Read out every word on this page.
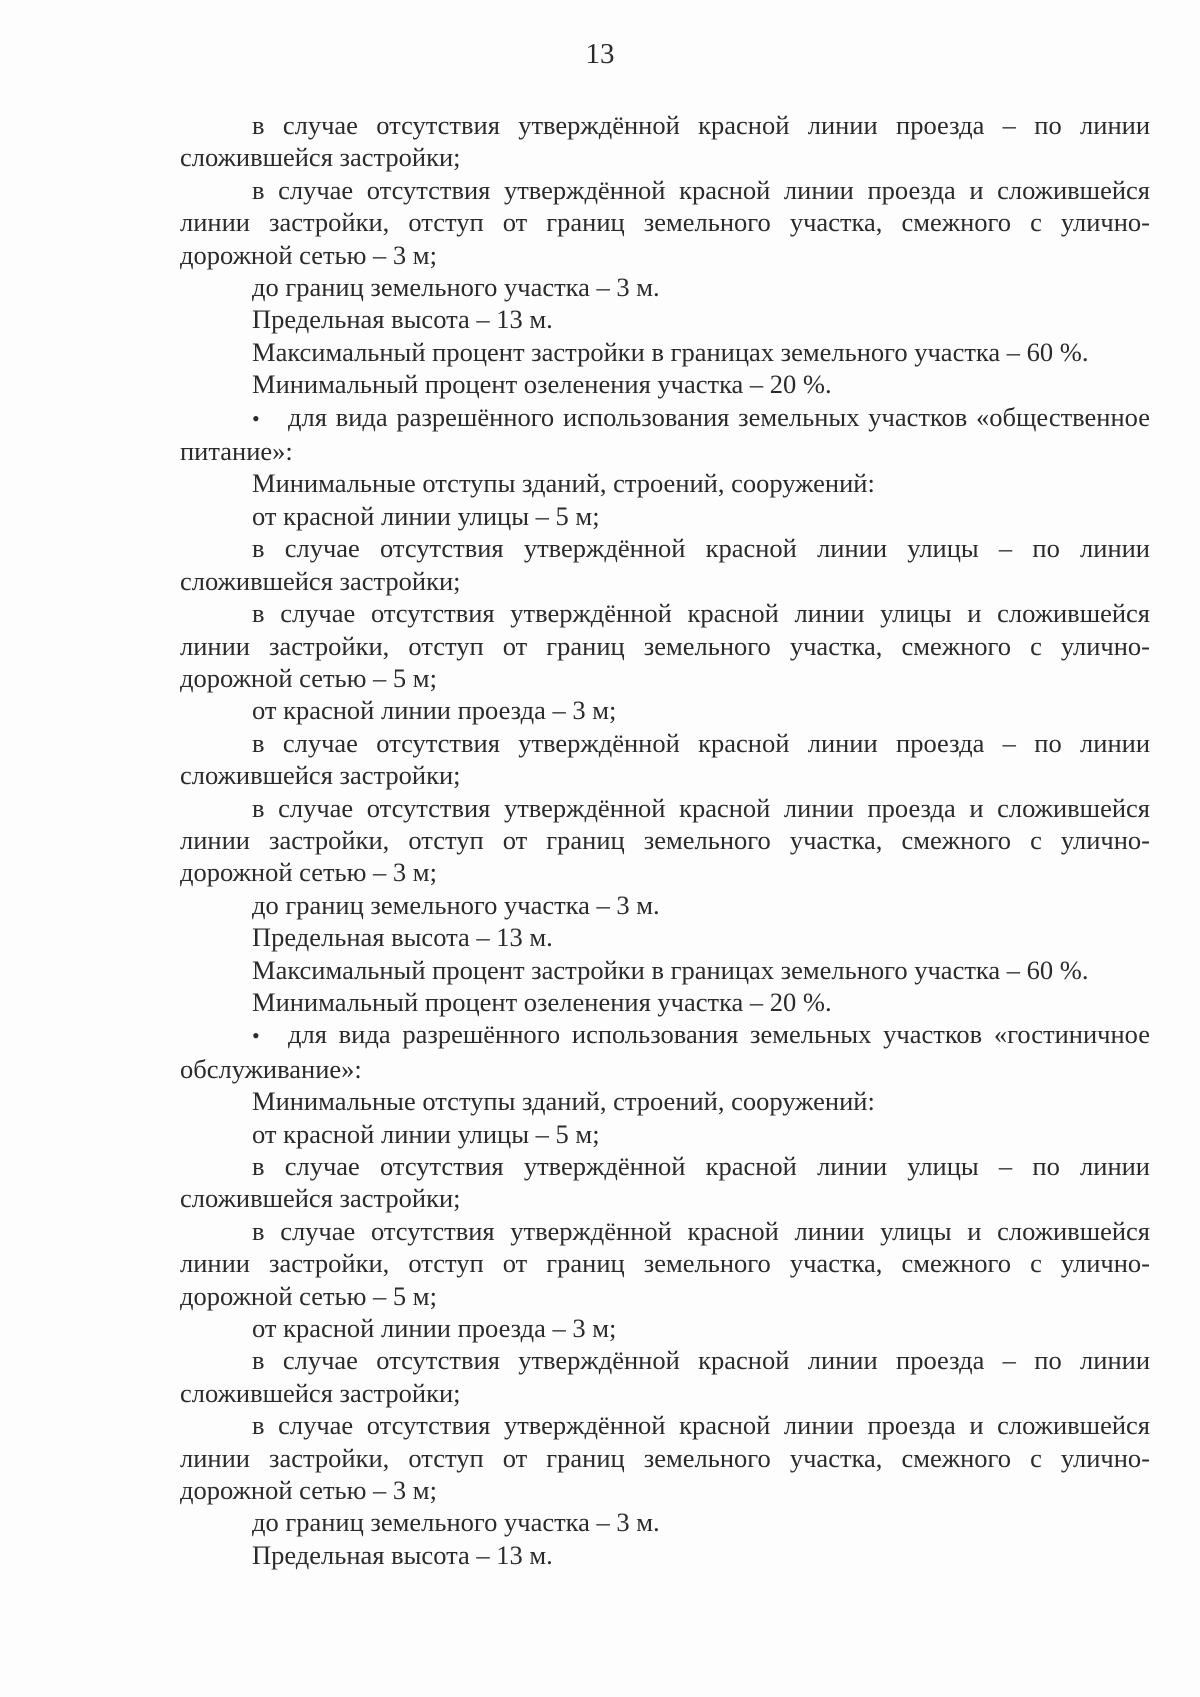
13

в случае отсутствия утверждённой красной линии проезда – по линии сложившейся застройки;

в случае отсутствия утверждённой красной линии проезда и сложившейся линии застройки, отступ от границ земельного участка, смежного с улично-дорожной сетью – 3 м;

до границ земельного участка – 3 м.

Предельная высота – 13 м.

Максимальный процент застройки в границах земельного участка – 60 %.

Минимальный процент озеленения участка – 20 %.

• для вида разрешённого использования земельных участков «общественное питание»:

Минимальные отступы зданий, строений, сооружений:

от красной линии улицы – 5 м;

в случае отсутствия утверждённой красной линии улицы – по линии сложившейся застройки;

в случае отсутствия утверждённой красной линии улицы и сложившейся линии застройки, отступ от границ земельного участка, смежного с улично-дорожной сетью – 5 м;

от красной линии проезда – 3 м;

в случае отсутствия утверждённой красной линии проезда – по линии сложившейся застройки;

в случае отсутствия утверждённой красной линии проезда и сложившейся линии застройки, отступ от границ земельного участка, смежного с улично-дорожной сетью – 3 м;

до границ земельного участка – 3 м.

Предельная высота – 13 м.

Максимальный процент застройки в границах земельного участка – 60 %.

Минимальный процент озеленения участка – 20 %.

• для вида разрешённого использования земельных участков «гостиничное обслуживание»:

Минимальные отступы зданий, строений, сооружений:

от красной линии улицы – 5 м;

в случае отсутствия утверждённой красной линии улицы – по линии сложившейся застройки;

в случае отсутствия утверждённой красной линии улицы и сложившейся линии застройки, отступ от границ земельного участка, смежного с улично-дорожной сетью – 5 м;

от красной линии проезда – 3 м;

в случае отсутствия утверждённой красной линии проезда – по линии сложившейся застройки;

в случае отсутствия утверждённой красной линии проезда и сложившейся линии застройки, отступ от границ земельного участка, смежного с улично-дорожной сетью – 3 м;

до границ земельного участка – 3 м.

Предельная высота – 13 м.
